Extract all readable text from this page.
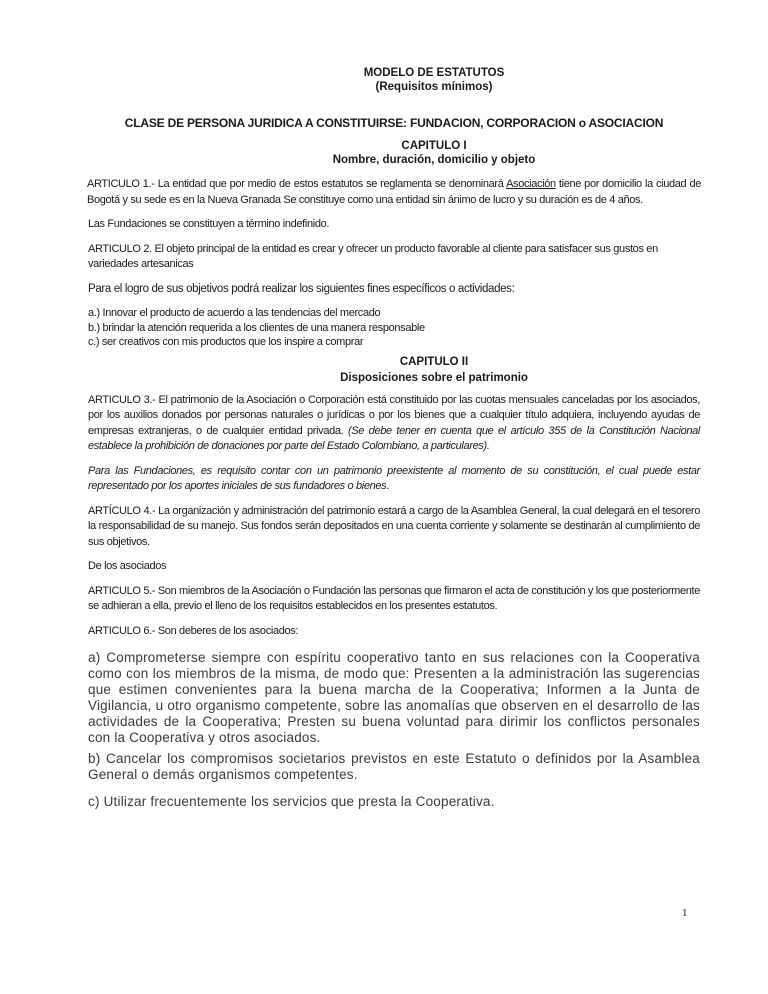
MODELO DE ESTATUTOS
(Requisitos mínimos)
CLASE DE PERSONA JURIDICA A CONSTITUIRSE: FUNDACION, CORPORACION o ASOCIACION
CAPITULO I
Nombre, duración, domicilio y objeto

ARTICULO 1.- La entidad que por medio de estos estatutos se reglamenta se denominará Asociación tiene por domicilio la ciudad de Bogotá y su sede es en la Nueva Granada Se constituye como una entidad sin ánimo de lucro y su duración es de 4 años.

Las Fundaciones se constituyen a término indefinido.

ARTICULO 2. El objeto principal de la entidad es crear y ofrecer un producto favorable al cliente para satisfacer sus gustos en variedades artesanicas

Para el logro de sus objetivos podrá realizar los siguientes fines específicos o actividades:

a.) Innovar el producto de acuerdo a las tendencias del mercado

b.) brindar la atención requerida a los clientes de una manera responsable

c.) ser creativos con mis productos que los inspire a comprar

CAPITULO II
Disposiciones sobre el patrimonio

ARTICULO 3.- El patrimonio de la Asociación o Corporación está constituido por las cuotas mensuales canceladas por los asociados, por los auxilios donados por personas naturales o jurídicas o por los bienes que a cualquier título adquiera, incluyendo ayudas de empresas extranjeras, o de cualquier entidad privada. (Se debe tener en cuenta que el artículo 355 de la Constitución Nacional establece la prohibición de donaciones por parte del Estado Colombiano, a particulares).

Para las Fundaciones, es requisito contar con un patrimonio preexistente al momento de su constitución, el cual puede estar representado por los aportes iniciales de sus fundadores o bienes.

ARTÍCULO 4.- La organización y administración del patrimonio estará a cargo de la Asamblea General, la cual delegará en el tesorero la responsabilidad de su manejo. Sus fondos serán depositados en una cuenta corriente y solamente se destinarán al cumplimiento de sus objetivos.

De los asociados

ARTICULO 5.- Son miembros de la Asociación o Fundación las personas que firmaron el acta de constitución y los que posteriormente se adhieran a ella, previo el lleno de los requisitos establecidos en los presentes estatutos.

ARTICULO 6.- Son deberes de los asociados:

a) Comprometerse siempre con espíritu cooperativo tanto en sus relaciones con la Cooperativa como con los miembros de la misma, de modo que: Presenten a la administración las sugerencias que estimen convenientes para la buena marcha de la Cooperativa; Informen a la Junta de Vigilancia, u otro organismo competente, sobre las anomalías que observen en el desarrollo de las actividades de la Cooperativa; Presten su buena voluntad para dirimir los conflictos personales con la Cooperativa y otros asociados.
b) Cancelar los compromisos societarios previstos en este Estatuto o definidos por la Asamblea General o demás organismos competentes.
c) Utilizar frecuentemente los servicios que presta la Cooperativa.
1
